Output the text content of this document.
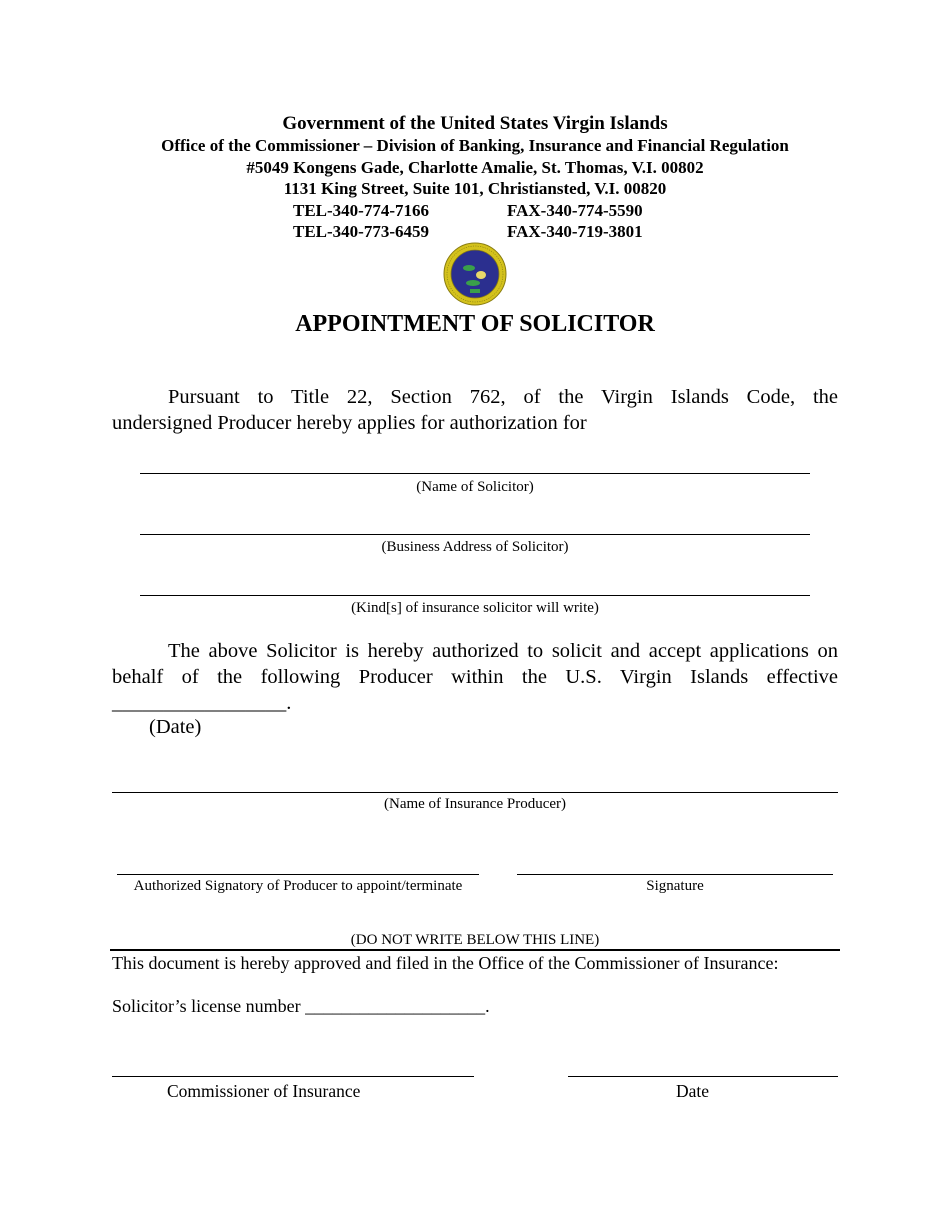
Government of the United States Virgin Islands
Office of the Commissioner – Division of Banking, Insurance and Financial Regulation
#5049 Kongens Gade, Charlotte Amalie, St. Thomas, V.I. 00802
1131 King Street, Suite 101, Christiansted, V.I. 00820
TEL-340-774-7166	FAX-340-774-5590
TEL-340-773-6459	FAX-340-719-3801
APPOINTMENT OF SOLICITOR
Pursuant to Title 22, Section 762, of the Virgin Islands Code, the
undersigned Producer hereby applies for authorization for
(Name of Solicitor)
(Business Address of Solicitor)
(Kind[s] of insurance solicitor will write)
The above Solicitor is hereby authorized to solicit and accept applications on
behalf of the following Producer within the U.S. Virgin Islands effective
_________________.
(Date)
(Name of Insurance Producer)
Authorized Signatory of Producer to appoint/terminate	Signature
(DO NOT WRITE BELOW THIS LINE)
This document is hereby approved and filed in the Office of the Commissioner of Insurance:
Solicitor’s license number ____________________.
Commissioner of Insurance	Date
